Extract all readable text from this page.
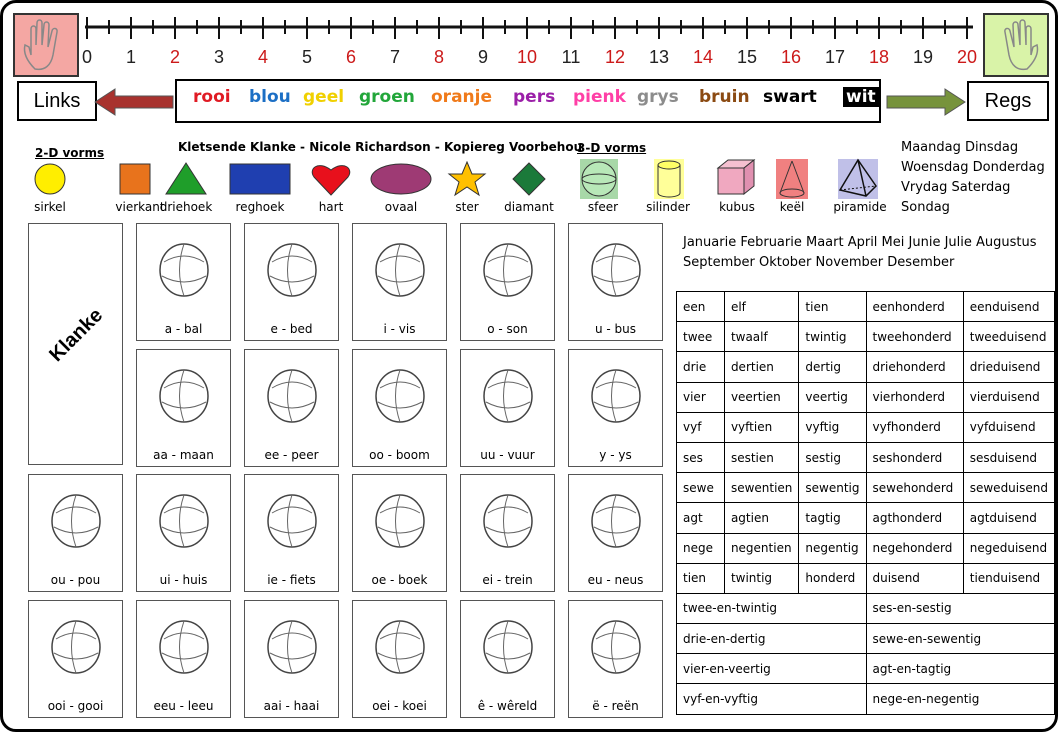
0	1	2	3	4	5	6	7	8	9	10	11	12 13 14 15 16 17 18 19 20
Links	rooi blou geel groen oranje pers pienk grys bruin swart wit	Regs
2-D vorms	Kletsende Klanke - Nicole Richardson - Kopiereg Voorbehou
3-D vorms
sirkel	vierkant
driehoek	reghoek	hart	ovaal	ster	diamant	sfeer	silinder	kubus	keël	piramide
Maandag Dinsdag Woensdag Donderdag Vrydag Saterdag Sondag
Januarie Februarie Maart April Mei Junie Julie Augustus September Oktober November Desember
Klanke	a - bal	e - bed	i - vis	o - son	u - bus
aa - maan	ee - peer	oo - boom	uu - vuur	y - ys
ou - pou	ui - huis	ie - fiets	oe - boek	ei - trein	eu - neus
ooi - gooi	eeu - leeu	aai - haai	oei - koei	ê - wêreld	ë - reën
een	elf	tien	eenhonderd	eenduisend
twee	twaalf	twintig	tweehonderd	tweeduisend
drie	dertien	dertig	driehonderd	drieduisend
vier	veertien	veertig	vierhonderd	vierduisend
vyf	vyftien	vyftig	vyfhonderd	vyfduisend
ses	sestien	sestig	seshonderd	sesduisend
sewe	sewentien	sewentig	sewehonderd	seweduisend
agt	agtien	tagtig	agthonderd	agtduisend
nege	negentien	negentig	negehonderd	negeduisend
tien	twintig	honderd	duisend	tienduisend
twee-en-twintig			ses-en-sestig	
drie-en-dertig			sewe-en-sewentig	
vier-en-veertig			agt-en-tagtig	
vyf-en-vyftig			nege-en-negentig	
